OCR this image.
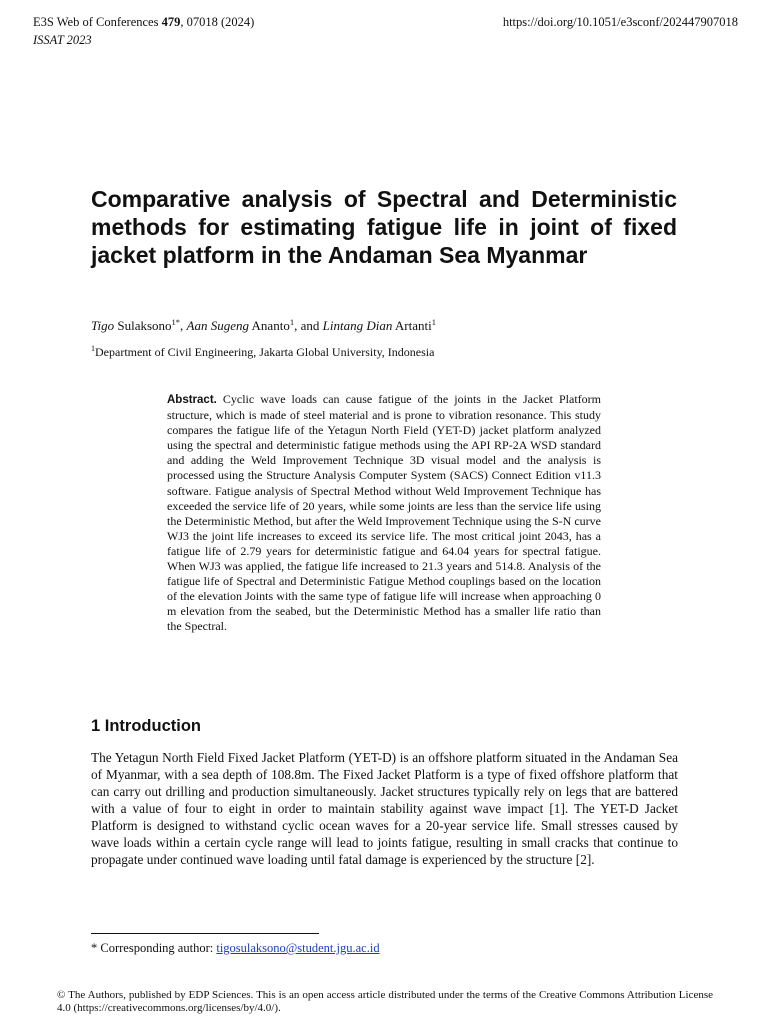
E3S Web of Conferences 479, 07018 (2024)
ISSAT 2023
https://doi.org/10.1051/e3sconf/202447907018
Comparative analysis of Spectral and Deterministic methods for estimating fatigue life in joint of fixed jacket platform in the Andaman Sea Myanmar
Tigo Sulaksono$^{1*}$, Aan Sugeng Ananto$^1$, and Lintang Dian Artanti$^1$
$^1$Department of Civil Engineering, Jakarta Global University, Indonesia

Abstract. Cyclic wave loads can cause fatigue of the joints in the Jacket Platform structure, which is made of steel material and is prone to vibration resonance. This study compares the fatigue life of the Yetagun North Field (YET-D) jacket platform analyzed using the spectral and deterministic fatigue methods using the API RP-2A WSD standard and adding the Weld Improvement Technique 3D visual model and the analysis is processed using the Structure Analysis Computer System (SACS) Connect Edition v11.3 software. Fatigue analysis of Spectral Method without Weld Improvement Technique has exceeded the service life of 20 years, while some joints are less than the service life using the Deterministic Method, but after the Weld Improvement Technique using the S-N curve WJ3 the joint life increases to exceed its service life. The most critical joint 2043, has a fatigue life of 2.79 years for deterministic fatigue and 64.04 years for spectral fatigue. When WJ3 was applied, the fatigue life increased to 21.3 years and 514.8. Analysis of the fatigue life of Spectral and Deterministic Fatigue Method couplings based on the location of the elevation Joints with the same type of fatigue life will increase when approaching 0 m elevation from the seabed, but the Deterministic Method has a smaller life ratio than the Spectral.

1 Introduction

The Yetagun North Field Fixed Jacket Platform (YET-D) is an offshore platform situated in the Andaman Sea of Myanmar, with a sea depth of 108.8m. The Fixed Jacket Platform is a type of fixed offshore platform that can carry out drilling and production simultaneously. Jacket structures typically rely on legs that are battered with a value of four to eight in order to maintain stability against wave impact [1]. The YET-D Jacket Platform is designed to withstand cyclic ocean waves for a 20-year service life. Small stresses caused by wave loads within a certain cycle range will lead to joints fatigue, resulting in small cracks that continue to propagate under continued wave loading until fatal damage is experienced by the structure [2].

* Corresponding author: tigosulaksono@student.jgu.ac.id

© The Authors, published by EDP Sciences. This is an open access article distributed under the terms of the Creative Commons Attribution License 4.0 (https://creativecommons.org/licenses/by/4.0/).
